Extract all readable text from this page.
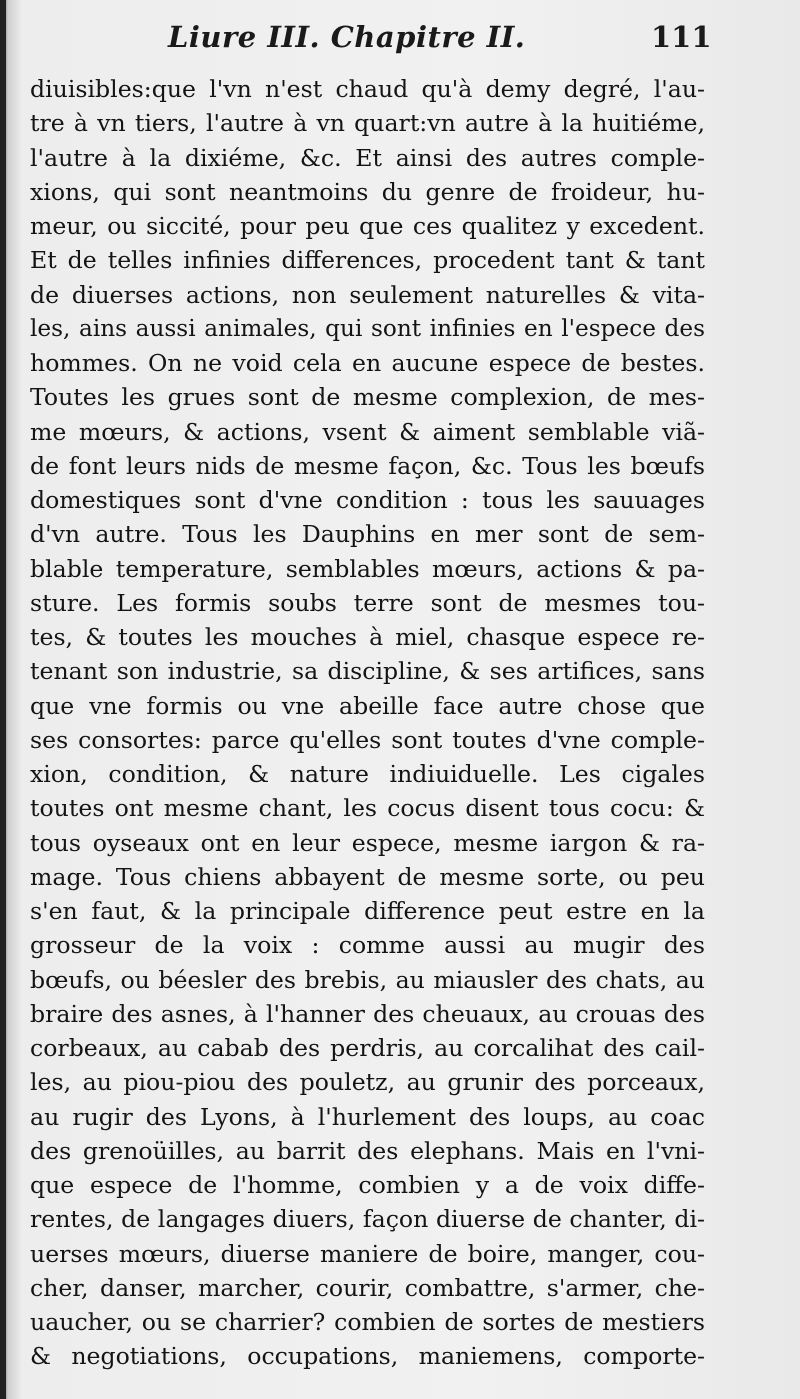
Liure III. Chapitre II.	111
diuisibles:que l'vn n'est chaud qu'à demy degré, l'au-
tre à vn tiers, l'autre à vn quart:vn autre à la huitiéme,
l'autre à la dixiéme, &c. Et ainsi des autres comple-
xions, qui sont neantmoins du genre de froideur, hu-
meur, ou siccité, pour peu que ces qualitez y excedent.
Et de telles infinies differences, procedent tant & tant
de diuerses actions, non seulement naturelles & vita-
les, ains aussi animales, qui sont infinies en l'espece des
hommes. On ne void cela en aucune espece de bestes.
Toutes les grues sont de mesme complexion, de mes-
me mœurs, & actions, vsent & aiment semblable viã-
de font leurs nids de mesme façon, &c. Tous les bœufs
domestiques sont d'vne condition : tous les sauuages
d'vn autre. Tous les Dauphins en mer sont de sem-
blable temperature, semblables mœurs, actions & pa-
sture. Les formis soubs terre sont de mesmes tou-
tes, & toutes les mouches à miel, chasque espece re-
tenant son industrie, sa discipline, & ses artifices, sans
que vne formis ou vne abeille face autre chose que
ses consortes: parce qu'elles sont toutes d'vne comple-
xion, condition, & nature indiuiduelle. Les cigales
toutes ont mesme chant, les cocus disent tous cocu: &
tous oyseaux ont en leur espece, mesme iargon & ra-
mage. Tous chiens abbayent de mesme sorte, ou peu
s'en faut, & la principale difference peut estre en la
grosseur de la voix : comme aussi au mugir des
bœufs, ou béesler des brebis, au miausler des chats, au
braire des asnes, à l'hanner des cheuaux, au crouas des
corbeaux, au cabab des perdris, au corcalihat des cail-
les, au piou-piou des pouletz, au grunir des porceaux,
au rugir des Lyons, à l'hurlement des loups, au coac
des grenoüilles, au barrit des elephans. Mais en l'vni-
que espece de l'homme, combien y a de voix diffe-
rentes, de langages diuers, façon diuerse de chanter, di-
uerses mœurs, diuerse maniere de boire, manger, cou-
cher, danser, marcher, courir, combattre, s'armer, che-
uaucher, ou se charrier? combien de sortes de mestiers
& negotiations, occupations, maniemens, comporte-
